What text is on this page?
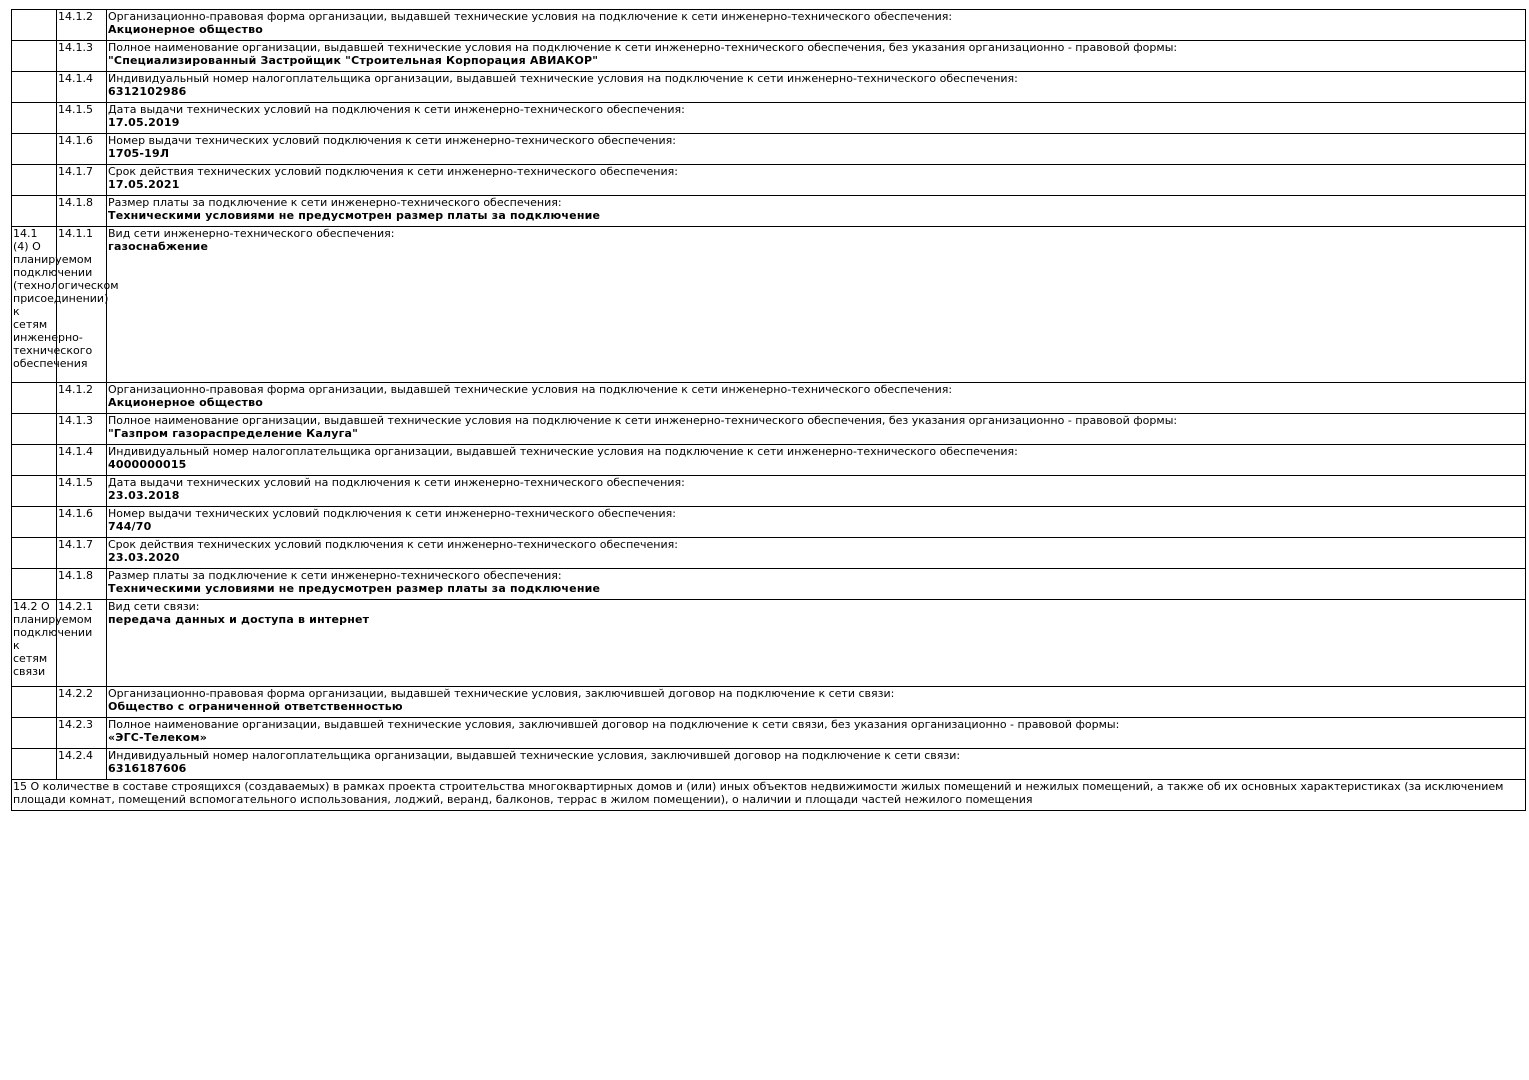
	14.1.2	Организационно-правовая форма организации, выдавшей технические условия на подключение к сети инженерно-технического обеспечения:
Акционерное общество

	14.1.3	Полное наименование организации, выдавшей технические условия на подключение к сети инженерно-технического обеспечения, без указания организационно - правовой формы:
"Специализированный Застройщик "Строительная Корпорация АВИАКОР"

	14.1.4	Индивидуальный номер налогоплательщика организации, выдавшей технические условия на подключение к сети инженерно-технического обеспечения:
6312102986

	14.1.5	Дата выдачи технических условий на подключения к сети инженерно-технического обеспечения:
17.05.2019

	14.1.6	Номер выдачи технических условий подключения к сети инженерно-технического обеспечения:
1705-19Л

	14.1.7	Срок действия технических условий подключения к сети инженерно-технического обеспечения:
17.05.2021

	14.1.8	Размер платы за подключение к сети инженерно-технического обеспечения:
Техническими условиями не предусмотрен размер платы за подключение

14.1 (4) О планируемом подключении (технологическом присоединении) к сетям инженерно-технического обеспечения	14.1.1	Вид сети инженерно-технического обеспечения:
газоснабжение

	14.1.2	Организационно-правовая форма организации, выдавшей технические условия на подключение к сети инженерно-технического обеспечения:
Акционерное общество

	14.1.3	Полное наименование организации, выдавшей технические условия на подключение к сети инженерно-технического обеспечения, без указания организационно - правовой формы:
"Газпром газораспределение Калуга"

	14.1.4	Индивидуальный номер налогоплательщика организации, выдавшей технические условия на подключение к сети инженерно-технического обеспечения:
4000000015

	14.1.5	Дата выдачи технических условий на подключения к сети инженерно-технического обеспечения:
23.03.2018

	14.1.6	Номер выдачи технических условий подключения к сети инженерно-технического обеспечения:
744/70

	14.1.7	Срок действия технических условий подключения к сети инженерно-технического обеспечения:
23.03.2020

	14.1.8	Размер платы за подключение к сети инженерно-технического обеспечения:
Техническими условиями не предусмотрен размер платы за подключение

14.2 О планируемом подключении к сетям связи	14.2.1	Вид сети связи:
передача данных и доступа в интернет

	14.2.2	Организационно-правовая форма организации, выдавшей технические условия, заключившей договор на подключение к сети связи:
Общество с ограниченной ответственностью

	14.2.3	Полное наименование организации, выдавшей технические условия, заключившей договор на подключение к сети связи, без указания организационно - правовой формы:
«ЭГС-Телеком»

	14.2.4	Индивидуальный номер налогоплательщика организации, выдавшей технические условия, заключившей договор на подключение к сети связи:
6316187606

15 О количестве в составе строящихся (создаваемых) в рамках проекта строительства многоквартирных домов и (или) иных объектов недвижимости жилых помещений и нежилых помещений, а также об их основных характеристиках (за исключением площади комнат, помещений вспомогательного использования, лоджий, веранд, балконов, террас в жилом помещении), о наличии и площади частей нежилого помещения		
